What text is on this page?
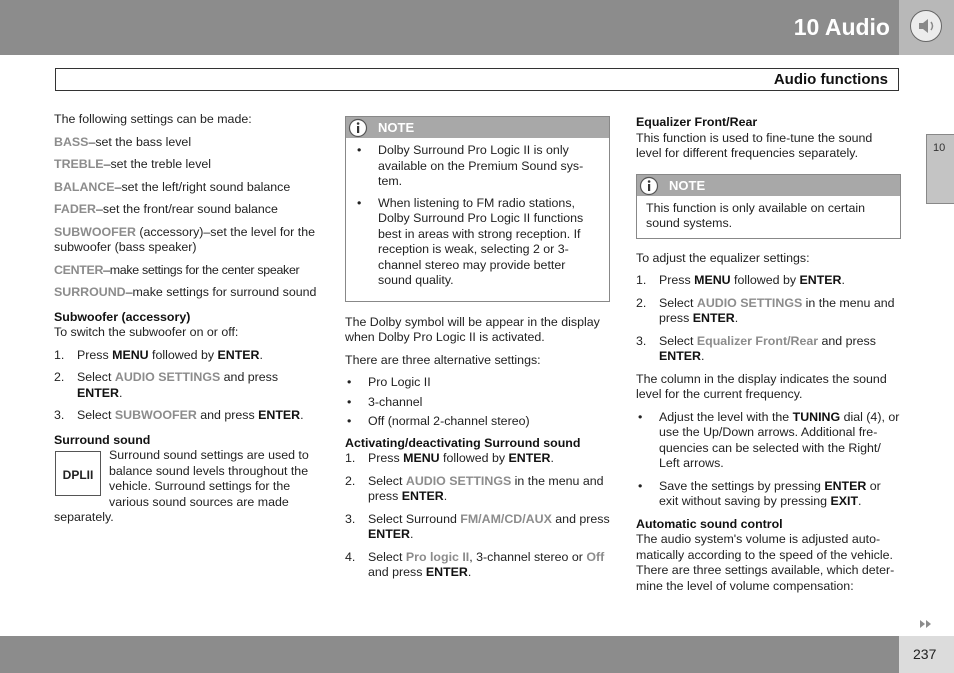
10 Audio
Audio functions
10

The following settings can be made:

BASS–set the bass level

TREBLE–set the treble level

BALANCE–set the left/right sound balance

FADER–set the front/rear sound balance

SUBWOOFER (accessory)–set the level for the subwoofer (bass speaker)

CENTER–make settings for the center speaker

SURROUND–make settings for surround sound

Subwoofer (accessory)

To switch the subwoofer on or off:

1. Press MENU followed by ENTER.
2. Select AUDIO SETTINGS and press ENTER.
3. Select SUBWOOFER and press ENTER.

Surround sound

DPLII
Surround sound settings are used to balance sound levels throughout the vehicle. Surround settings for the various sound sources are made separately.
NOTE
• Dolby Surround Pro Logic II is only available on the Premium Sound sys-tem.
• When listening to FM radio stations, Dolby Surround Pro Logic II functions best in areas with strong reception. If reception is weak, selecting 2 or 3-channel stereo may provide better sound quality.

The Dolby symbol will be appear in the display when Dolby Pro Logic II is activated.

There are three alternative settings:

• Pro Logic II
• 3-channel
• Off (normal 2-channel stereo)

Activating/deactivating Surround sound

1. Press MENU followed by ENTER.
2. Select AUDIO SETTINGS in the menu and press ENTER.
3. Select Surround FM/AM/CD/AUX and press ENTER.
4. Select Pro logic II, 3-channel stereo or Off and press ENTER.

Equalizer Front/Rear

This function is used to fine-tune the sound level for different frequencies separately.

NOTE
This function is only available on certain sound systems.

To adjust the equalizer settings:

1. Press MENU followed by ENTER.
2. Select AUDIO SETTINGS in the menu and press ENTER.
3. Select Equalizer Front/Rear and press ENTER.

The column in the display indicates the sound level for the current frequency.

• Adjust the level with the TUNING dial (4), or use the Up/Down arrows. Additional fre-quencies can be selected with the Right/ Left arrows.
• Save the settings by pressing ENTER or exit without saving by pressing EXIT.

Automatic sound control

The audio system's volume is adjusted auto-matically according to the speed of the vehicle. There are three settings available, which deter-mine the level of volume compensation:

237
